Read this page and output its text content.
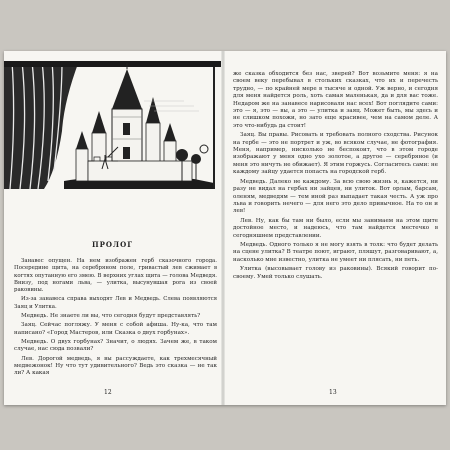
ПРОЛОГ

Занавес опущен. На нем изображен герб сказочного города. Посередине щита, на серебряном поле, гривастый лев сжимает в когтях опутанную его змею. В верхних углах щита — голова Медведя. Внизу, под ногами льва, — улитка, высунувшая рога из своей раковины.

Из-за занавеса справа выходят Лев и Медведь. Слева появляются Заяц и Улитка.

Медведь. Не знаете ли вы, что сегодня будут представлять?

Заяц. Сейчас погляжу. У меня с собой афиша. Ну-ка, что там написано? «Город Мастеров, или Сказка о двух горбунах».

Медведь. О двух горбунах? Значит, о людях. Зачем же, в таком случае, нас сюда позвали?

Лев. Дорогой медведь, я вы рассуждаете, как трехмесячный медвежонок! Ну что тут удивительного? Ведь это сказка — не так ли? А какая

12

же сказка обходится без нас, зверей? Вот возьмите меня: я на своем веку перебывал в стольких сказках, что их и перечесть трудно, — по крайней мере в тысяче и одной. Уж верно, и сегодня для меня найдется роль, хоть самая маленькая, да и для вас тоже. Недаром же на занавесе нарисовали нас всех! Вот поглядите сами: это — я, это — вы, а это — улитка и заяц. Может быть, мы здесь и не слишком похожи, но зато еще красивее, чем на самом деле. А это что-нибудь да стоит!

Заяц. Вы правы. Рисовать и требовать полного сходства. Рисунок на гербе — это не портрет и уж, во всяком случае, не фотография. Меня, например, нисколько не беспокоит, что в этом городе изображают у меня одно ухо золотое, а другое — серебряное (и меня это ничуть не обижает). Я этим горжусь. Согласитесь сами: не каждому зайцу удается попасть на городской герб.

Медведь. Далеко не каждому. За всю свою жизнь я, кажется, ни разу не видал на гербах ни зайцев, ни улиток. Вот орлам, барсам, оленям, медведям — тем иной раз выпадает такая честь. А уж про льва и говорить нечего — для него это дело привычное. На то он и лев!

Лев. Ну, как бы там ни было, если мы занимаем на этом щите достойное место, и надеюсь, что там найдется местечко в сегодняшнем представлении.

Медведь. Одного только я не могу взять в толк: что будет делать на сцене улитка? В театре поют, играют, пляшут, разговаривают, а, насколько мне известно, улитка не умеет ни плясать, ни петь.

Улитка (высовывает голову из раковины). Всякий говорит по-своему. Умей только слушать.

13
